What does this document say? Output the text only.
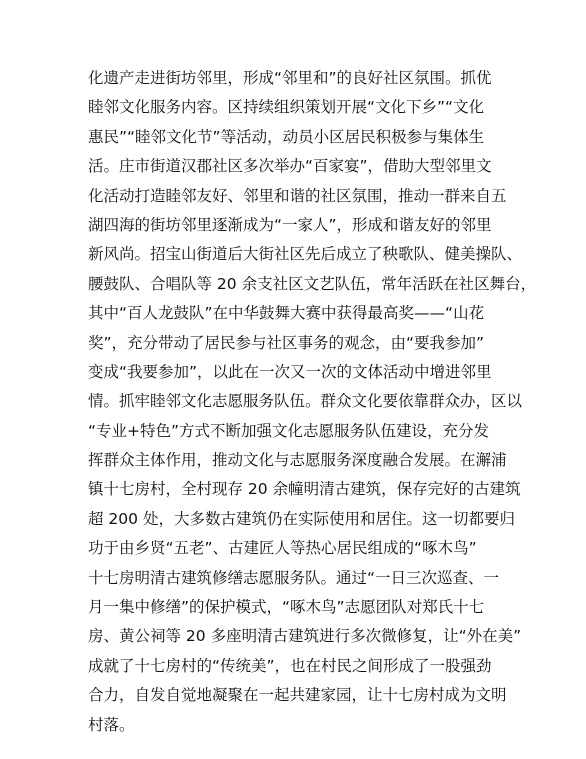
化遗产走进街坊邻里，形成“邻里和”的良好社区氛围。抓优
睦邻文化服务内容。区持续组织策划开展“文化下乡”“文化
惠民”“睦邻文化节”等活动，动员小区居民积极参与集体生
活。庄市街道汉郡社区多次举办“百家宴”，借助大型邻里文
化活动打造睦邻友好、邻里和谐的社区氛围，推动一群来自五
湖四海的街坊邻里逐渐成为“一家人”，形成和谐友好的邻里
新风尚。招宝山街道后大街社区先后成立了秧歌队、健美操队、
腰鼓队、合唱队等 20 余支社区文艺队伍，常年活跃在社区舞台，
其中“百人龙鼓队”在中华鼓舞大赛中获得最高奖——“山花
奖”，充分带动了居民参与社区事务的观念，由“要我参加”
变成“我要参加”，以此在一次又一次的文体活动中增进邻里
情。抓牢睦邻文化志愿服务队伍。群众文化要依靠群众办，区以
“专业+特色”方式不断加强文化志愿服务队伍建设，充分发
挥群众主体作用，推动文化与志愿服务深度融合发展。在澥浦
镇十七房村，全村现存 20 余幢明清古建筑，保存完好的古建筑
超 200 处，大多数古建筑仍在实际使用和居住。这一切都要归
功于由乡贤“五老”、古建匠人等热心居民组成的“啄木鸟”
十七房明清古建筑修缮志愿服务队。通过“一日三次巡查、一
月一集中修缮”的保护模式，“啄木鸟”志愿团队对郑氏十七
房、黄公祠等 20 多座明清古建筑进行多次微修复，让“外在美”
成就了十七房村的“传统美”，也在村民之间形成了一股强劲
合力，自发自觉地凝聚在一起共建家园，让十七房村成为文明
村落。
